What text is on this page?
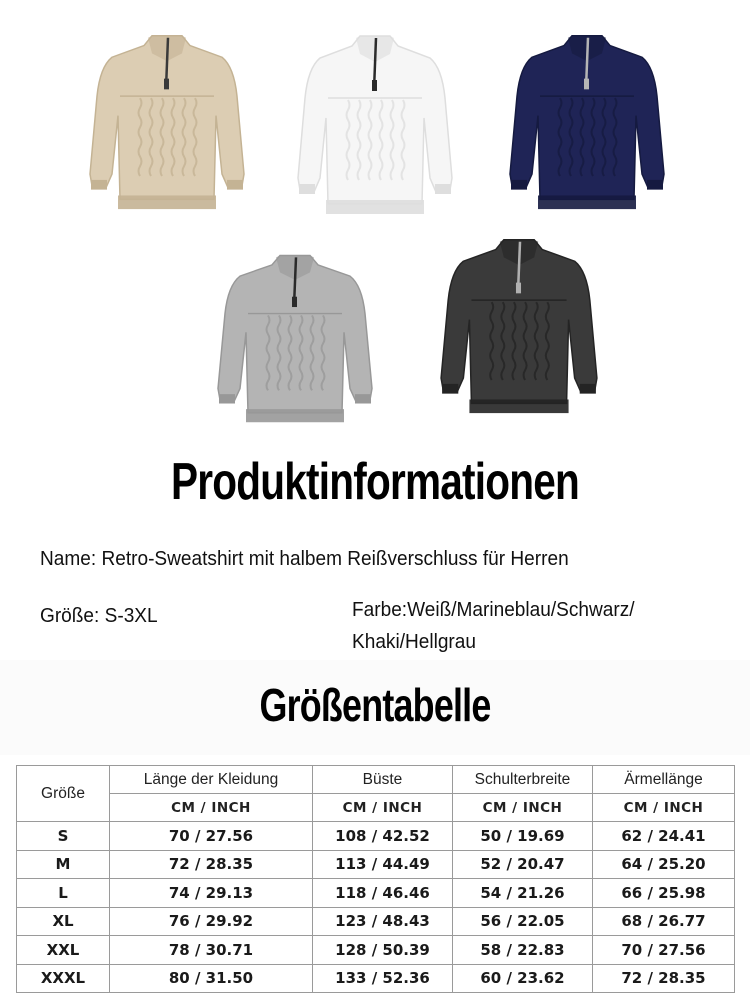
Produktinformationen
Name: Retro-Sweatshirt mit halbem Reißverschluss für Herren
Größe: S-3XL	Farbe:Weiß/Marineblau/Schwarz/
Khaki/Hellgrau
Größentabelle
Größe	Länge der Kleidung	Büste	Schulterbreite	Ärmellänge
	CM / INCH	CM / INCH	CM / INCH	CM / INCH
S	70 / 27.56	108 / 42.52	50 / 19.69	62 / 24.41
M	72 / 28.35	113 / 44.49	52 / 20.47	64 / 25.20
L	74 / 29.13	118 / 46.46	54 / 21.26	66 / 25.98
XL	76 / 29.92	123 / 48.43	56 / 22.05	68 / 26.77
XXL	78 / 30.71	128 / 50.39	58 / 22.83	70 / 27.56
XXXL	80 / 31.50	133 / 52.36	60 / 23.62	72 / 28.35
